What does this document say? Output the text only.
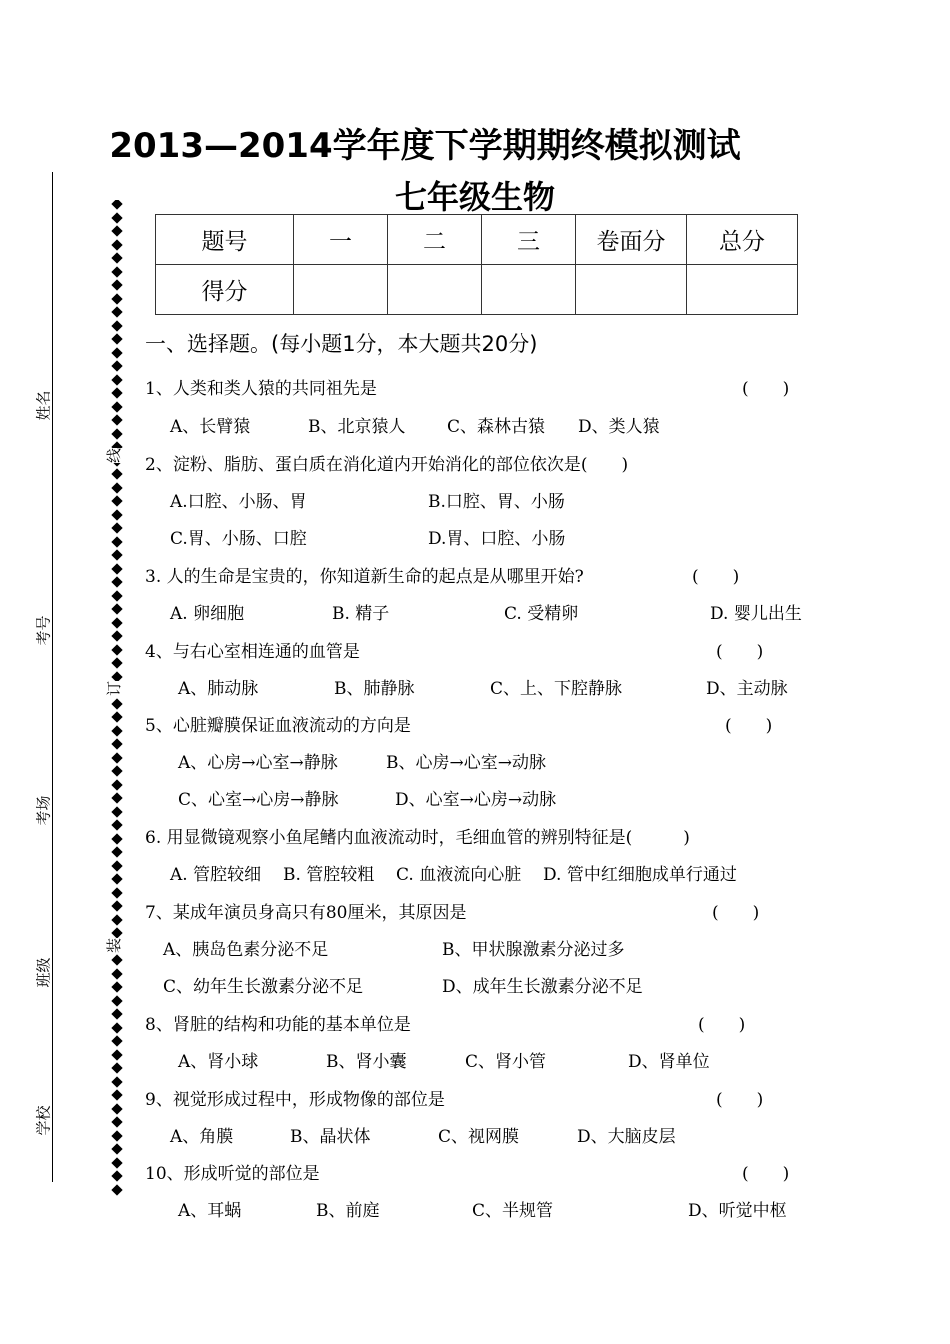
姓名
考号
考场
班级
学校
线
订
装
2013—2014学年度下学期期终模拟测试
七年级生物
题号	一	二	三	卷面分	总分
得分					
一、选择题。(每小题1分，本大题共20分)
1、人类和类人猿的共同祖先是	(　　)
A、长臂猿	B、北京猿人 C、森林古猿 D、类人猿
2、淀粉、脂肪、蛋白质在消化道内开始消化的部位依次是(　　)
A.口腔、小肠、胃	B.口腔、胃、小肠
C.胃、小肠、口腔	D.胃、口腔、小肠
3. 人的生命是宝贵的，你知道新生命的起点是从哪里开始?	(　　)
A. 卵细胞	B. 精子	C. 受精卵	D. 婴儿出生
4、与右心室相连通的血管是	(　　)
A、肺动脉	B、肺静脉	C、上、下腔静脉	D、主动脉
5、心脏瓣膜保证血液流动的方向是	(　　)
A、心房→心室→静脉	B、心房→心室→动脉
C、心室→心房→静脉	D、心室→心房→动脉
6. 用显微镜观察小鱼尾鳍内血液流动时，毛细血管的辨别特征是(　　　)
A. 管腔较细 B. 管腔较粗 C. 血液流向心脏 D. 管中红细胞成单行通过
7、某成年演员身高只有80厘米，其原因是	(　　)
A、胰岛色素分泌不足	B、甲状腺激素分泌过多
C、幼年生长激素分泌不足	D、成年生长激素分泌不足
8、肾脏的结构和功能的基本单位是	(　　)
A、肾小球	B、肾小囊	C、肾小管	D、肾单位
9、视觉形成过程中，形成物像的部位是	(　　)
A、角膜	B、晶状体	C、视网膜	D、大脑皮层
10、形成听觉的部位是	(　　)
A、耳蜗	B、前庭	C、半规管	D、听觉中枢
